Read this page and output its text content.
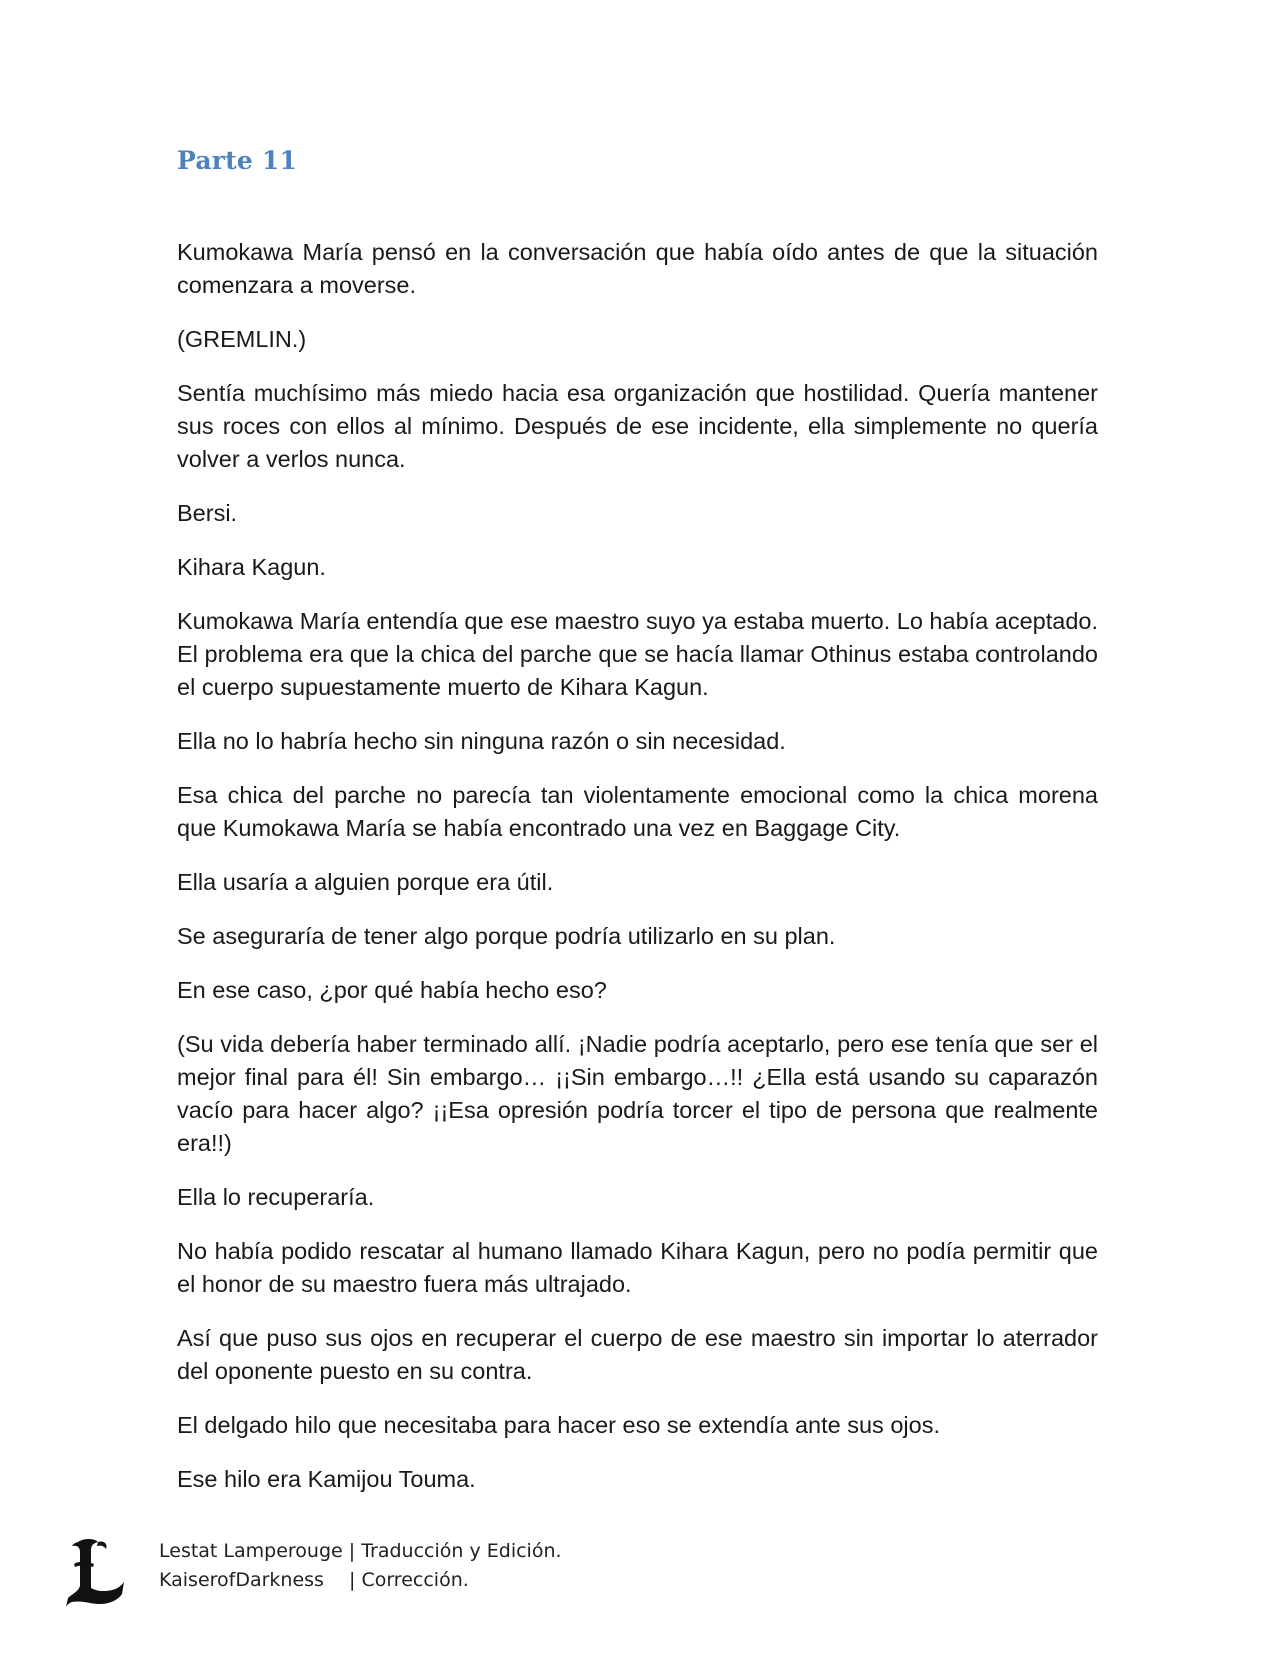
Parte 11

Kumokawa María pensó en la conversación que había oído antes de que la situación comenzara a moverse.

(GREMLIN.)

Sentía muchísimo más miedo hacia esa organización que hostilidad. Quería mantener sus roces con ellos al mínimo. Después de ese incidente, ella simplemente no quería volver a verlos nunca.

Bersi.

Kihara Kagun.

Kumokawa María entendía que ese maestro suyo ya estaba muerto. Lo había aceptado. El problema era que la chica del parche que se hacía llamar Othinus estaba controlando el cuerpo supuestamente muerto de Kihara Kagun.

Ella no lo habría hecho sin ninguna razón o sin necesidad.

Esa chica del parche no parecía tan violentamente emocional como la chica morena que Kumokawa María se había encontrado una vez en Baggage City.

Ella usaría a alguien porque era útil.

Se aseguraría de tener algo porque podría utilizarlo en su plan.

En ese caso, ¿por qué había hecho eso?

(Su vida debería haber terminado allí. ¡Nadie podría aceptarlo, pero ese tenía que ser el mejor final para él! Sin embargo… ¡¡Sin embargo…!! ¿Ella está usando su caparazón vacío para hacer algo? ¡¡Esa opresión podría torcer el tipo de persona que realmente era!!)

Ella lo recuperaría.

No había podido rescatar al humano llamado Kihara Kagun, pero no podía permitir que el honor de su maestro fuera más ultrajado.

Así que puso sus ojos en recuperar el cuerpo de ese maestro sin importar lo aterrador del oponente puesto en su contra.

El delgado hilo que necesitaba para hacer eso se extendía ante sus ojos.

Ese hilo era Kamijou Touma.

Lestat Lamperouge | Traducción y Edición.
KaiserofDarkness | Corrección.
